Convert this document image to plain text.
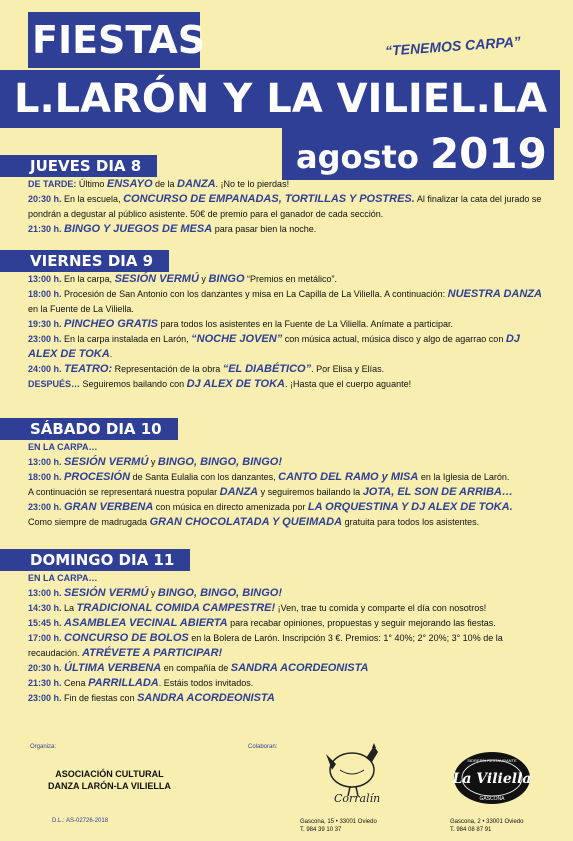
FIESTAS	“TENEMOS CARPA”
L.LARÓN Y LA VILIEL.LA
agosto 2019
JUEVES DIA 8
DE TARDE: Último ENSAYO de la DANZA. ¡No te lo pierdas!
20:30 h. En la escuela, CONCURSO DE EMPANADAS, TORTILLAS Y POSTRES. Al finalizar la cata del jurado se pondrán a degustar al público asistente. 50€ de premio para el ganador de cada sección.
21:30 h. BINGO Y JUEGOS DE MESA para pasar bien la noche.
VIERNES DIA 9
13:00 h. En la carpa, SESIÓN VERMÚ y BINGO “Premios en metálico”.
18:00 h. Procesión de San Antonio con los danzantes y misa en La Capilla de La Viliella. A continuación: NUESTRA DANZA en la Fuente de La Viliella.
19:30 h. PINCHEO GRATIS para todos los asistentes en la Fuente de La Viliella. Anímate a participar.
23:00 h. En la carpa instalada en Larón, “NOCHE JOVEN” con música actual, música disco y algo de agarrao con DJ ALEX DE TOKA.
24:00 h. TEATRO: Representación de la obra “EL DIABÉTICO”. Por Elisa y Elías.
DESPUÉS… Seguiremos bailando con DJ ALEX DE TOKA. ¡Hasta que el cuerpo aguante!
SÁBADO DIA 10
EN LA CARPA…
13:00 h. SESIÓN VERMÚ y BINGO, BINGO, BINGO!
18:00 h. PROCESIÓN de Santa Eulalia con los danzantes, CANTO DEL RAMO y MISA en la Iglesia de Larón.
A continuación se representará nuestra popular DANZA y seguiremos bailando la JOTA, EL SON DE ARRIBA…
23:00 h. GRAN VERBENA con música en directo amenizada por LA ORQUESTINA Y DJ ALEX DE TOKA.
Como siempre de madrugada GRAN CHOCOLATADA Y QUEIMADA gratuita para todos los asistentes.
DOMINGO DIA 11
EN LA CARPA…
13:00 h. SESIÓN VERMÚ y BINGO, BINGO, BINGO!
14:30 h. La TRADICIONAL COMIDA CAMPESTRE! ¡Ven, trae tu comida y comparte el día con nosotros!
15:45 h. ASAMBLEA VECINAL ABIERTA para recabar opiniones, propuestas y seguir mejorando las fiestas.
17:00 h. CONCURSO DE BOLOS en la Bolera de Larón. Inscripción 3 €. Premios: 1° 40%; 2° 20%; 3° 10% de la recaudación. ATRÉVETE A PARTICIPAR!
20:30 h. ÚLTIMA VERBENA en compañía de SANDRA ACORDEONISTA
21:30 h. Cena PARRILLADA. Estáis todos invitados.
23:00 h. Fin de fiestas con SANDRA ACORDEONISTA
Organiza:
ASOCIACIÓN CULTURAL
DANZA LARÓN-LA VILIELLA
D.L.: AS-02726-2018
Colaboran:
Corralín
Gascona, 15 • 33001 Oviedo
T. 984 39 10 37
La Viliella
SIDRERÍA RESTAURANTE
GASCONA
Gascona, 2 • 33001 Oviedo
T. 984 08 87 91
